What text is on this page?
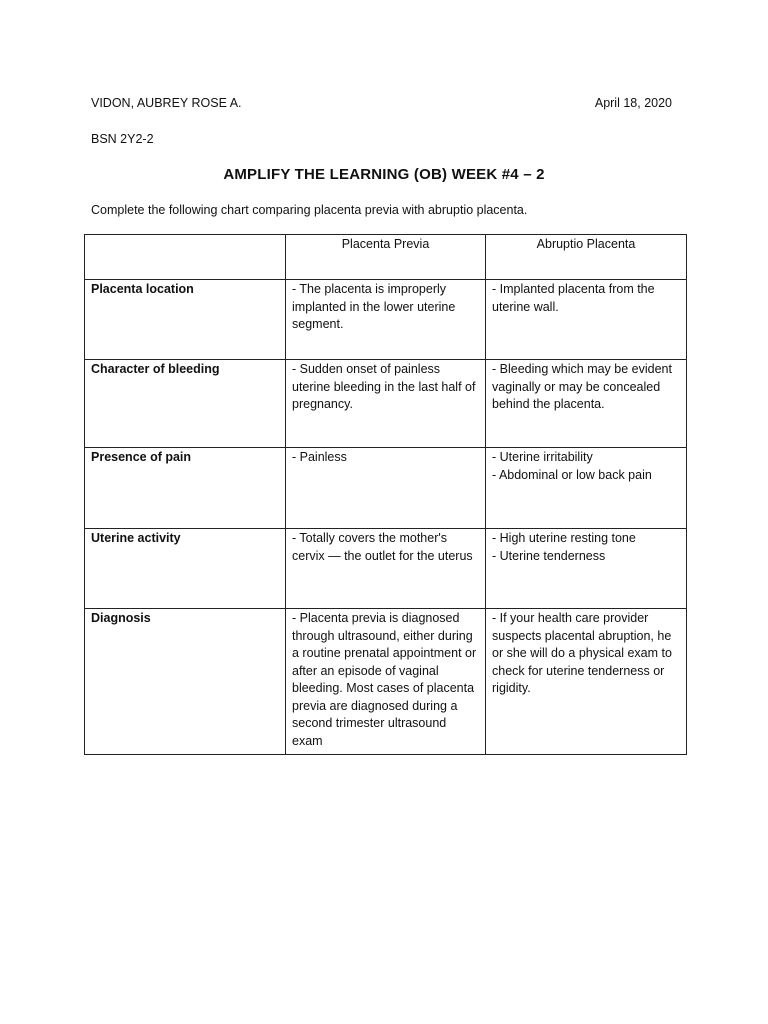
VIDON, AUBREY ROSE A.	April 18, 2020
BSN 2Y2-2
AMPLIFY THE LEARNING (OB) WEEK #4 – 2
Complete the following chart comparing placenta previa with abruptio placenta.
	Placenta Previa	Abruptio Placenta
Placenta location	- The placenta is improperly implanted in the lower uterine segment.	- Implanted placenta from the uterine wall.

Character of bleeding	- Sudden onset of painless uterine bleeding in the last half of pregnancy.	- Bleeding which may be evident vaginally or may be concealed behind the placenta.

Presence of pain	- Painless	- Uterine irritability
- Abdominal or low back pain

Uterine activity	- Totally covers the mother's cervix — the outlet for the uterus	- High uterine resting tone
- Uterine tenderness

Diagnosis	- Placenta previa is diagnosed through ultrasound, either during a routine prenatal appointment or after an episode of vaginal bleeding. Most cases of placenta previa are diagnosed during a second trimester ultrasound exam	- If your health care provider suspects placental abruption, he or she will do a physical exam to check for uterine tenderness or rigidity.
